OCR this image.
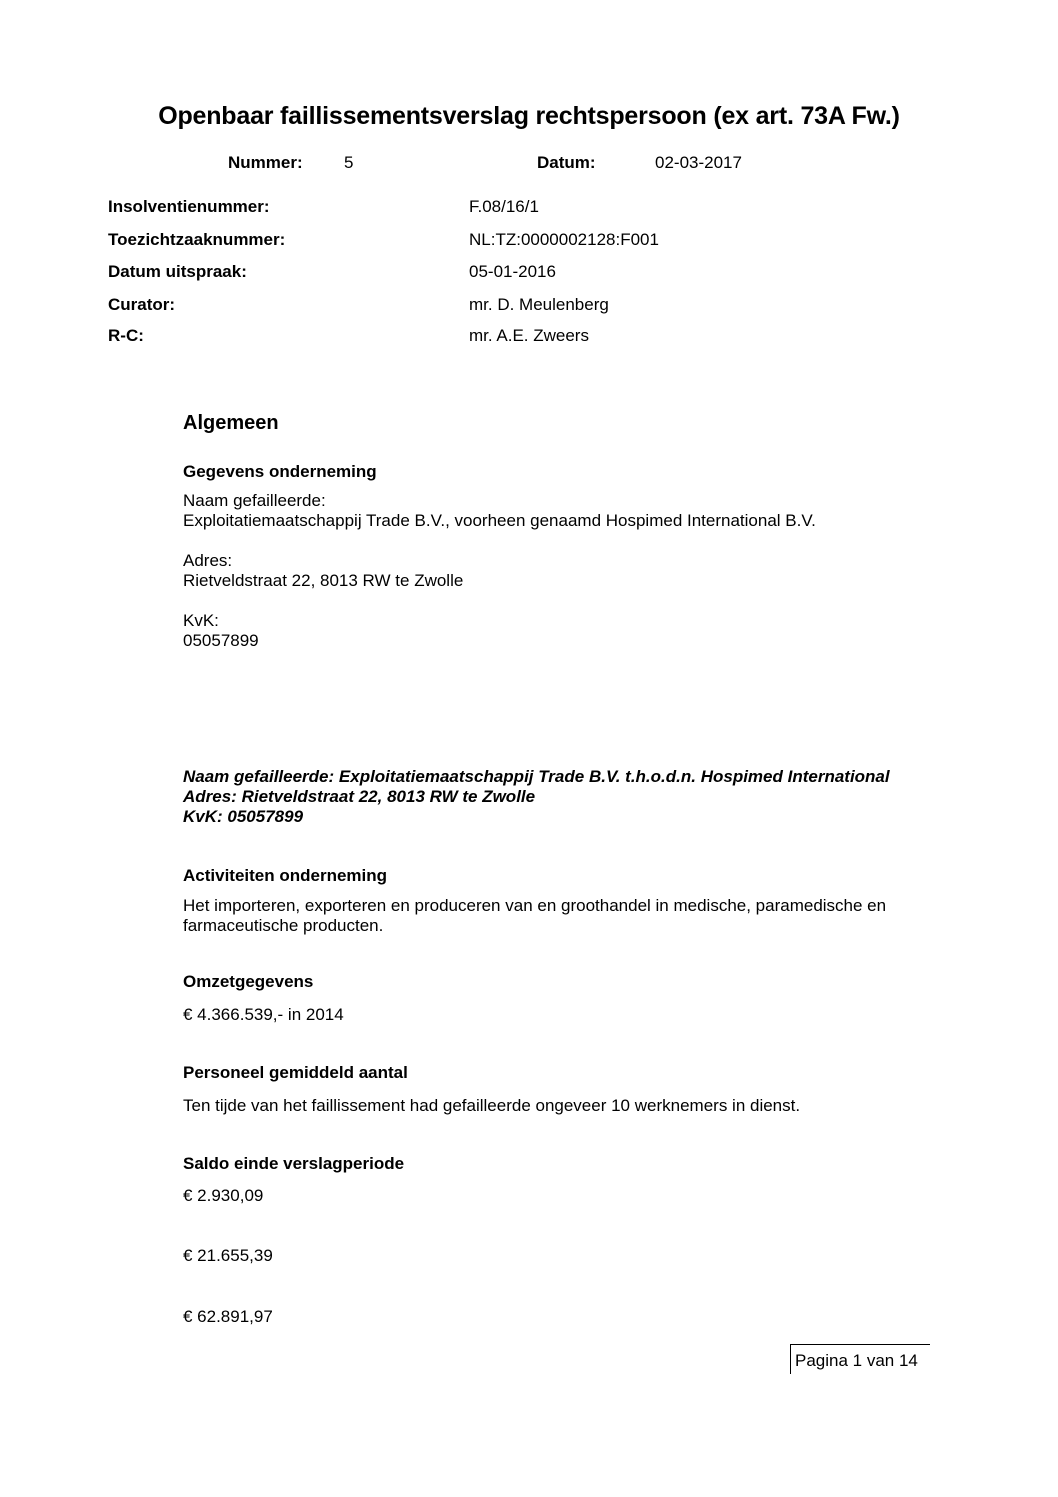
Openbaar faillissementsverslag rechtspersoon (ex art. 73A Fw.)
Nummer: 5	Datum:	02-03-2017
Insolventienummer:	F.08/16/1
Toezichtzaaknummer:	NL:TZ:0000002128:F001
Datum uitspraak:	05-01-2016
Curator:	mr. D. Meulenberg
R-C:	mr. A.E. Zweers
Algemeen
Gegevens onderneming
Naam gefailleerde:
Exploitatiemaatschappij Trade B.V., voorheen genaamd Hospimed International B.V.
Adres:
Rietveldstraat 22, 8013 RW te Zwolle
KvK:
05057899
Naam gefailleerde: Exploitatiemaatschappij Trade B.V. t.h.o.d.n. Hospimed International
Adres: Rietveldstraat 22, 8013 RW te Zwolle
KvK: 05057899
Activiteiten onderneming
Het importeren, exporteren en produceren van en groothandel in medische, paramedische en
farmaceutische producten.
Omzetgegevens
€ 4.366.539,- in 2014
Personeel gemiddeld aantal
Ten tijde van het faillissement had gefailleerde ongeveer 10 werknemers in dienst.
Saldo einde verslagperiode
€ 2.930,09
€ 21.655,39
€ 62.891,97
Pagina 1 van 14
